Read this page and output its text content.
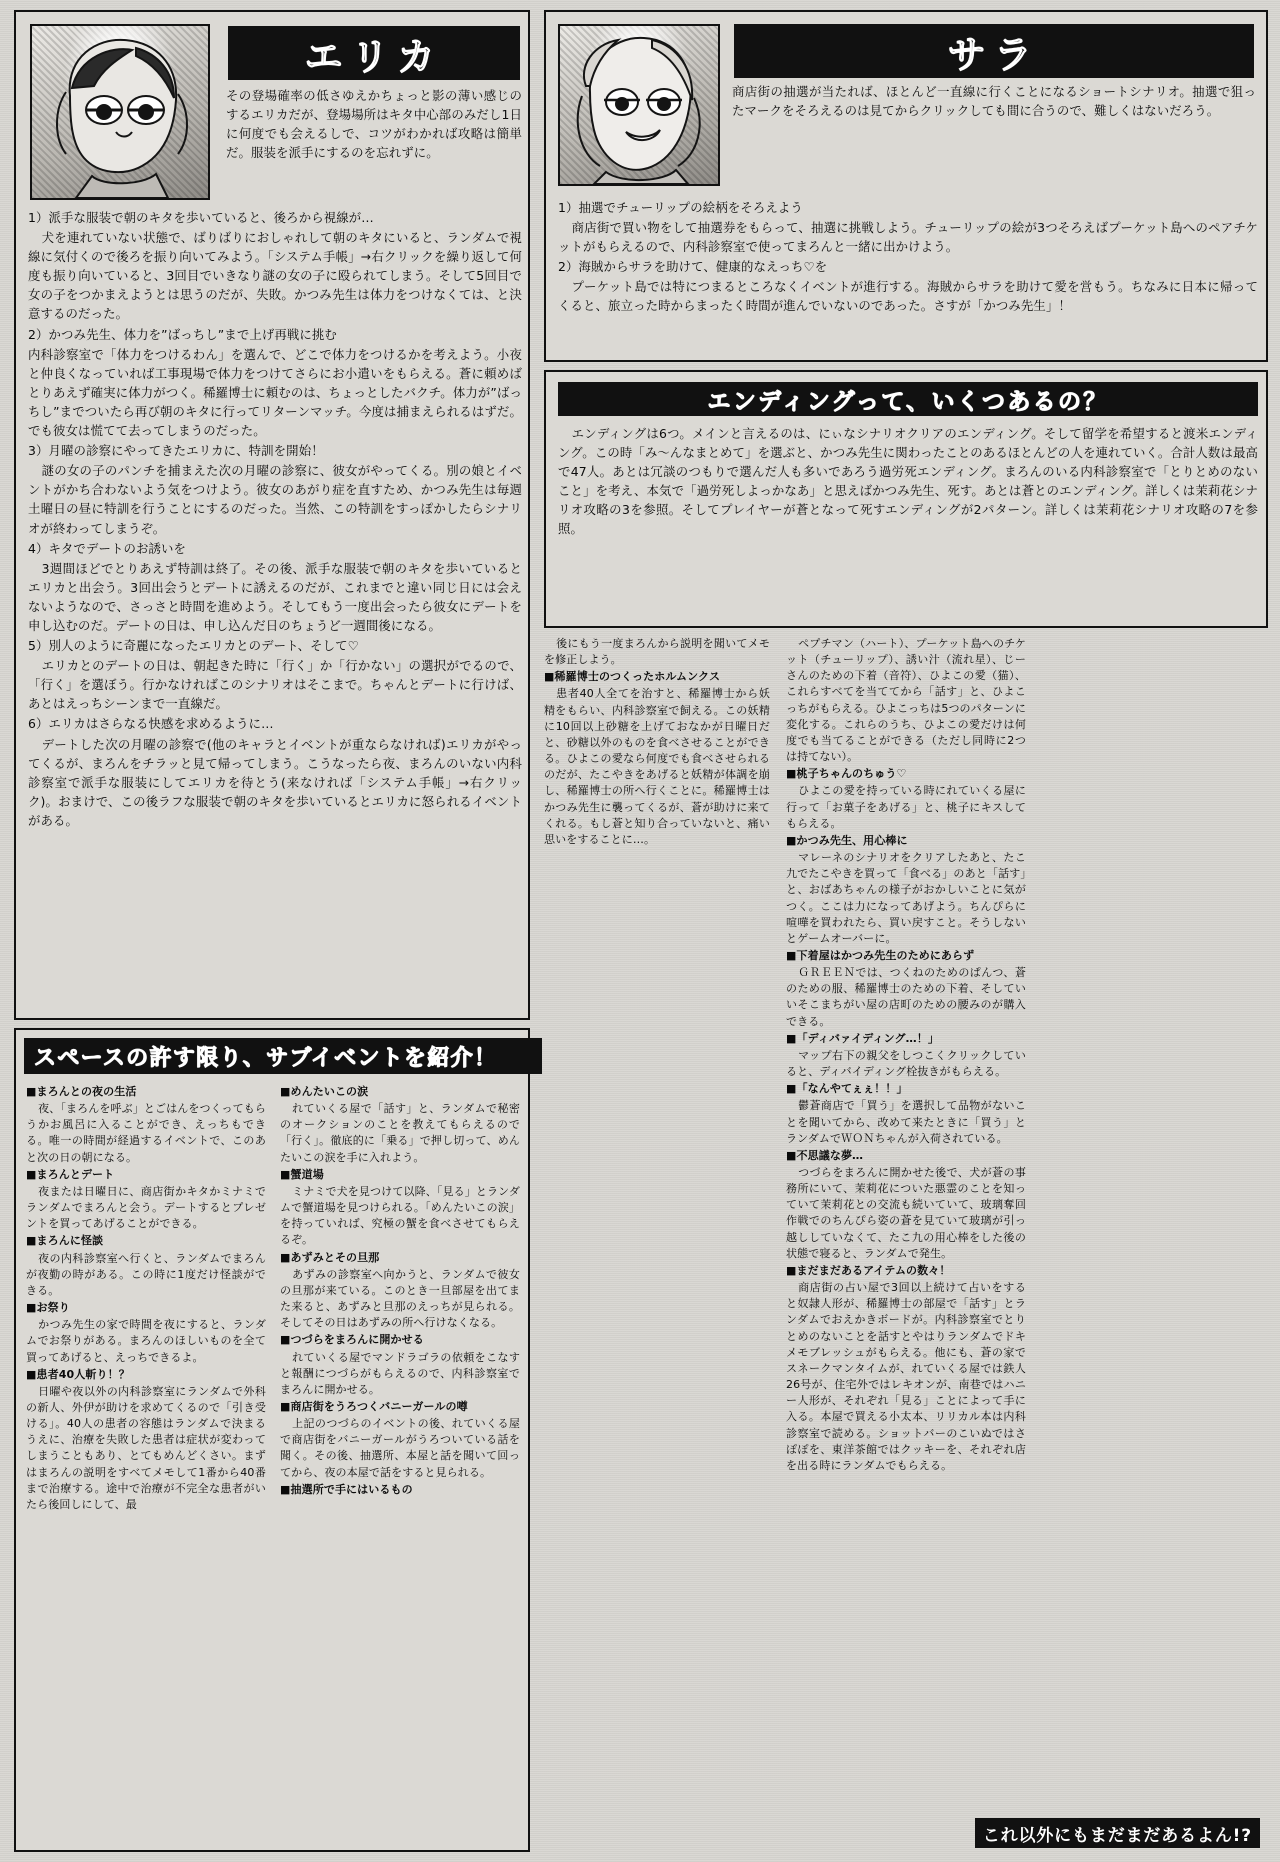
エリカ

その登場確率の低さゆえかちょっと影の薄い感じのするエリカだが、登場場所はキタ中心部のみだし1日に何度でも会えるしで、コツがわかれば攻略は簡単だ。服装を派手にするのを忘れずに。

1）派手な服装で朝のキタを歩いていると、後ろから視線が…

犬を連れていない状態で、ばりばりにおしゃれして朝のキタにいると、ランダムで視線に気付くので後ろを振り向いてみよう。「システム手帳」→右クリックを繰り返して何度も振り向いていると、3回目でいきなり謎の女の子に殴られてしまう。そして5回目で女の子をつかまえようとは思うのだが、失敗。かつみ先生は体力をつけなくては、と決意するのだった。

2）かつみ先生、体力を”ばっちし”まで上げ再戦に挑む

内科診察室で「体力をつけるわん」を選んで、どこで体力をつけるかを考えよう。小夜と仲良くなっていれば工事現場で体力をつけてさらにお小遣いをもらえる。蒼に頼めばとりあえず確実に体力がつく。稀羅博士に頼むのは、ちょっとしたバクチ。体力が”ばっちし”までついたら再び朝のキタに行ってリターンマッチ。今度は捕まえられるはずだ。でも彼女は慌てて去ってしまうのだった。

3）月曜の診察にやってきたエリカに、特訓を開始！

謎の女の子のパンチを捕まえた次の月曜の診察に、彼女がやってくる。別の娘とイベントがかち合わないよう気をつけよう。彼女のあがり症を直すため、かつみ先生は毎週土曜日の昼に特訓を行うことにするのだった。当然、この特訓をすっぽかしたらシナリオが終わってしまうぞ。

4）キタでデートのお誘いを

3週間ほどでとりあえず特訓は終了。その後、派手な服装で朝のキタを歩いているとエリカと出会う。3回出会うとデートに誘えるのだが、これまでと違い同じ日には会えないようなので、さっさと時間を進めよう。そしてもう一度出会ったら彼女にデートを申し込むのだ。デートの日は、申し込んだ日のちょうど一週間後になる。

5）別人のように奇麗になったエリカとのデート、そして♡

エリカとのデートの日は、朝起きた時に「行く」か「行かない」の選択がでるので、「行く」を選ぼう。行かなければこのシナリオはそこまで。ちゃんとデートに行けば、あとはえっちシーンまで一直線だ。

6）エリカはさらなる快感を求めるように…

デートした次の月曜の診察で(他のキャラとイベントが重ならなければ)エリカがやってくるが、まろんをチラッと見て帰ってしまう。こうなったら夜、まろんのいない内科診察室で派手な服装にしてエリカを待とう(来なければ「システム手帳」→右クリック)。おまけで、この後ラフな服装で朝のキタを歩いているとエリカに怒られるイベントがある。

サラ

商店街の抽選が当たれば、ほとんど一直線に行くことになるショートシナリオ。抽選で狙ったマークをそろえるのは見てからクリックしても間に合うので、難しくはないだろう。

1）抽選でチューリップの絵柄をそろえよう

商店街で買い物をして抽選券をもらって、抽選に挑戦しよう。チューリップの絵が3つそろえばプーケット島へのペアチケットがもらえるので、内科診察室で使ってまろんと一緒に出かけよう。

2）海賊からサラを助けて、健康的なえっち♡を

プーケット島では特につまるところなくイベントが進行する。海賊からサラを助けて愛を営もう。ちなみに日本に帰ってくると、旅立った時からまったく時間が進んでいないのであった。さすが「かつみ先生」！

エンディングって、いくつあるの？

エンディングは6つ。メインと言えるのは、にぃなシナリオクリアのエンディング。そして留学を希望すると渡米エンディング。この時「み〜んなまとめて」を選ぶと、かつみ先生に関わったことのあるほとんどの人を連れていく。合計人数は最高で47人。あとは冗談のつもりで選んだ人も多いであろう過労死エンディング。まろんのいる内科診察室で「とりとめのないこと」を考え、本気で「過労死しよっかなあ」と思えばかつみ先生、死す。あとは蒼とのエンディング。詳しくは茉莉花シナリオ攻略の3を参照。そしてプレイヤーが蒼となって死すエンディングが2パターン。詳しくは茉莉花シナリオ攻略の7を参照。

後にもう一度まろんから説明を聞いてメモを修正しよう。

■稀羅博士のつくったホルムンクス

患者40人全てを治すと、稀羅博士から妖精をもらい、内科診察室で飼える。この妖精に10回以上砂糖を上げておなかが日曜日だと、砂糖以外のものを食べさせることができる。ひよこの愛なら何度でも食べさせられるのだが、たこやきをあげると妖精が体調を崩し、稀羅博士の所へ行くことに。稀羅博士はかつみ先生に襲ってくるが、蒼が助けに来てくれる。もし蒼と知り合っていないと、痛い思いをすることに…。

ペプチマン（ハート）、プーケット島へのチケット（チューリップ）、誘い汁（流れ星）、じーさんのための下着（音符）、ひよこの愛（猫）、これらすべてを当ててから「話す」と、ひよこっちがもらえる。ひよこっちは5つのパターンに変化する。これらのうち、ひよこの愛だけは何度でも当てることができる（ただし同時に2つは持てない）。

■桃子ちゃんのちゅう♡

ひよこの愛を持っている時にれていくる屋に行って「お菓子をあげる」と、桃子にキスしてもらえる。

■かつみ先生、用心棒に

マレーネのシナリオをクリアしたあと、たこ九でたこやきを買って「食べる」のあと「話す」と、おばあちゃんの様子がおかしいことに気がつく。ここは力になってあげよう。ちんぴらに喧嘩を買われたら、買い戻すこと。そうしないとゲームオーバーに。

■下着屋はかつみ先生のためにあらず

ＧＲＥＥＮでは、つくねのためのぱんつ、蒼のための服、稀羅博士のための下着、そしていいそこまちがい屋の店町のための腰みのが購入できる。

■「ディバァイディング…！」

マップ右下の親父をしつこくクリックしていると、ディバイディング栓抜きがもらえる。

■「なんやてぇぇ！！」

鬱蒼商店で「買う」を選択して品物がないことを聞いてから、改めて来たときに「買う」とランダムでＷＯＮちゃんが入荷されている。

■不思議な夢…

つづらをまろんに開かせた後で、犬が蒼の事務所にいて、茉莉花についた悪霊のことを知っていて茉莉花との交流も続いていて、玻璃奪回作戦でのちんぴら姿の蒼を見ていて玻璃が引っ越ししていなくて、たこ九の用心棒をした後の状態で寝ると、ランダムで発生。

■まだまだあるアイテムの数々！

商店街の占い屋で3回以上続けて占いをすると奴隷人形が、稀羅博士の部屋で「話す」とランダムでおえかきボードが。内科診察室でとりとめのないことを話すとやはりランダムでドキメモブレッシュがもらえる。他にも、蒼の家でスネークマンタイムが、れていくる屋では鉄人26号が、住宅外ではレキオンが、南巷ではハニー人形が、それぞれ「見る」ことによって手に入る。本屋で買える小太本、リリカル本は内科診察室で読める。ショットバーのこいぬではさぽぽを、東洋茶館ではクッキーを、それぞれ店を出る時にランダムでもらえる。

これ以外にもまだまだあるよん!?
スペースの許す限り、サブイベントを紹介！

■まろんとの夜の生活

夜、「まろんを呼ぶ」とごはんをつくってもらうかお風呂に入ることができ、えっちもできる。唯一の時間が経過するイベントで、このあと次の日の朝になる。

■まろんとデート

夜または日曜日に、商店街かキタかミナミでランダムでまろんと会う。デートするとプレゼントを買ってあげることができる。

■まろんに怪談

夜の内科診察室へ行くと、ランダムでまろんが夜勤の時がある。この時に1度だけ怪談ができる。

■お祭り

かつみ先生の家で時間を夜にすると、ランダムでお祭りがある。まろんのほしいものを全て買ってあげると、えっちできるよ。

■患者40人斬り！？

日曜や夜以外の内科診察室にランダムで外科の新人、外伊が助けを求めてくるので「引き受ける」。40人の患者の容態はランダムで決まるうえに、治療を失敗した患者は症状が変わってしまうこともあり、とてもめんどくさい。まずはまろんの説明をすべてメモして1番から40番まで治療する。途中で治療が不完全な患者がいたら後回しにして、最

■めんたいこの涙

れていくる屋で「話す」と、ランダムで秘密のオークションのことを教えてもらえるので「行く」。徹底的に「乗る」で押し切って、めんたいこの涙を手に入れよう。

■蟹道場

ミナミで犬を見つけて以降、「見る」とランダムで蟹道場を見つけられる。「めんたいこの涙」を持っていれば、究極の蟹を食べさせてもらえるぞ。

■あずみとその旦那

あずみの診察室へ向かうと、ランダムで彼女の旦那が来ている。このとき一旦部屋を出てまた来ると、あずみと旦那のえっちが見られる。そしてその日はあずみの所へ行けなくなる。

■つづらをまろんに開かせる

れていくる屋でマンドラゴラの依頼をこなすと報酬につづらがもらえるので、内科診察室でまろんに開かせる。

■商店街をうろつくバニーガールの噂

上記のつづらのイベントの後、れていくる屋で商店街をバニーガールがうろついている話を聞く。その後、抽選所、本屋と話を聞いて回ってから、夜の本屋で話をすると見られる。

■抽選所で手にはいるもの
